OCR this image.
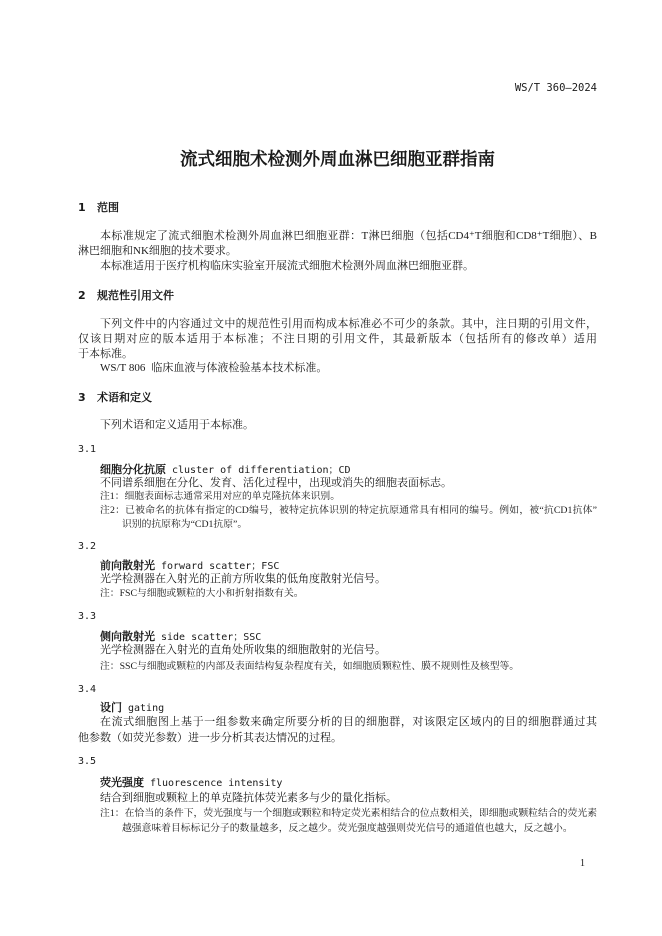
WS/T 360—2024
流式细胞术检测外周血淋巴细胞亚群指南
1 范围
本标准规定了流式细胞术检测外周血淋巴细胞亚群：T淋巴细胞（包括CD4⁺T细胞和CD8⁺T细胞）、B
淋巴细胞和NK细胞的技术要求。
本标准适用于医疗机构临床实验室开展流式细胞术检测外周血淋巴细胞亚群。
2 规范性引用文件
下列文件中的内容通过文中的规范性引用而构成本标准必不可少的条款。其中，注日期的引用文件，
仅该日期对应的版本适用于本标准；不注日期的引用文件，其最新版本（包括所有的修改单）适用
于本标准。
WS/T 806 临床血液与体液检验基本技术标准。
3 术语和定义
下列术语和定义适用于本标准。
3.1
细胞分化抗原 cluster of differentiation；CD
不同谱系细胞在分化、发育、活化过程中，出现或消失的细胞表面标志。
注1：细胞表面标志通常采用对应的单克隆抗体来识别。
注2：已被命名的抗体有指定的CD编号，被特定抗体识别的特定抗原通常具有相同的编号。例如，被“抗CD1抗体”
识别的抗原称为“CD1抗原”。
3.2
前向散射光 forward scatter；FSC
光学检测器在入射光的正前方所收集的低角度散射光信号。
注：FSC与细胞或颗粒的大小和折射指数有关。
3.3
侧向散射光 side scatter；SSC
光学检测器在入射光的直角处所收集的细胞散射的光信号。
注：SSC与细胞或颗粒的内部及表面结构复杂程度有关，如细胞质颗粒性、膜不规则性及核型等。
3.4
设门 gating
在流式细胞图上基于一组参数来确定所要分析的目的细胞群，对该限定区域内的目的细胞群通过其
他参数（如荧光参数）进一步分析其表达情况的过程。
3.5
荧光强度 fluorescence intensity
结合到细胞或颗粒上的单克隆抗体荧光素多与少的量化指标。
注1：在恰当的条件下，荧光强度与一个细胞或颗粒和特定荧光素相结合的位点数相关，即细胞或颗粒结合的荧光素
越强意味着目标标记分子的数量越多，反之越少。荧光强度越强则荧光信号的通道值也越大，反之越小。
1
